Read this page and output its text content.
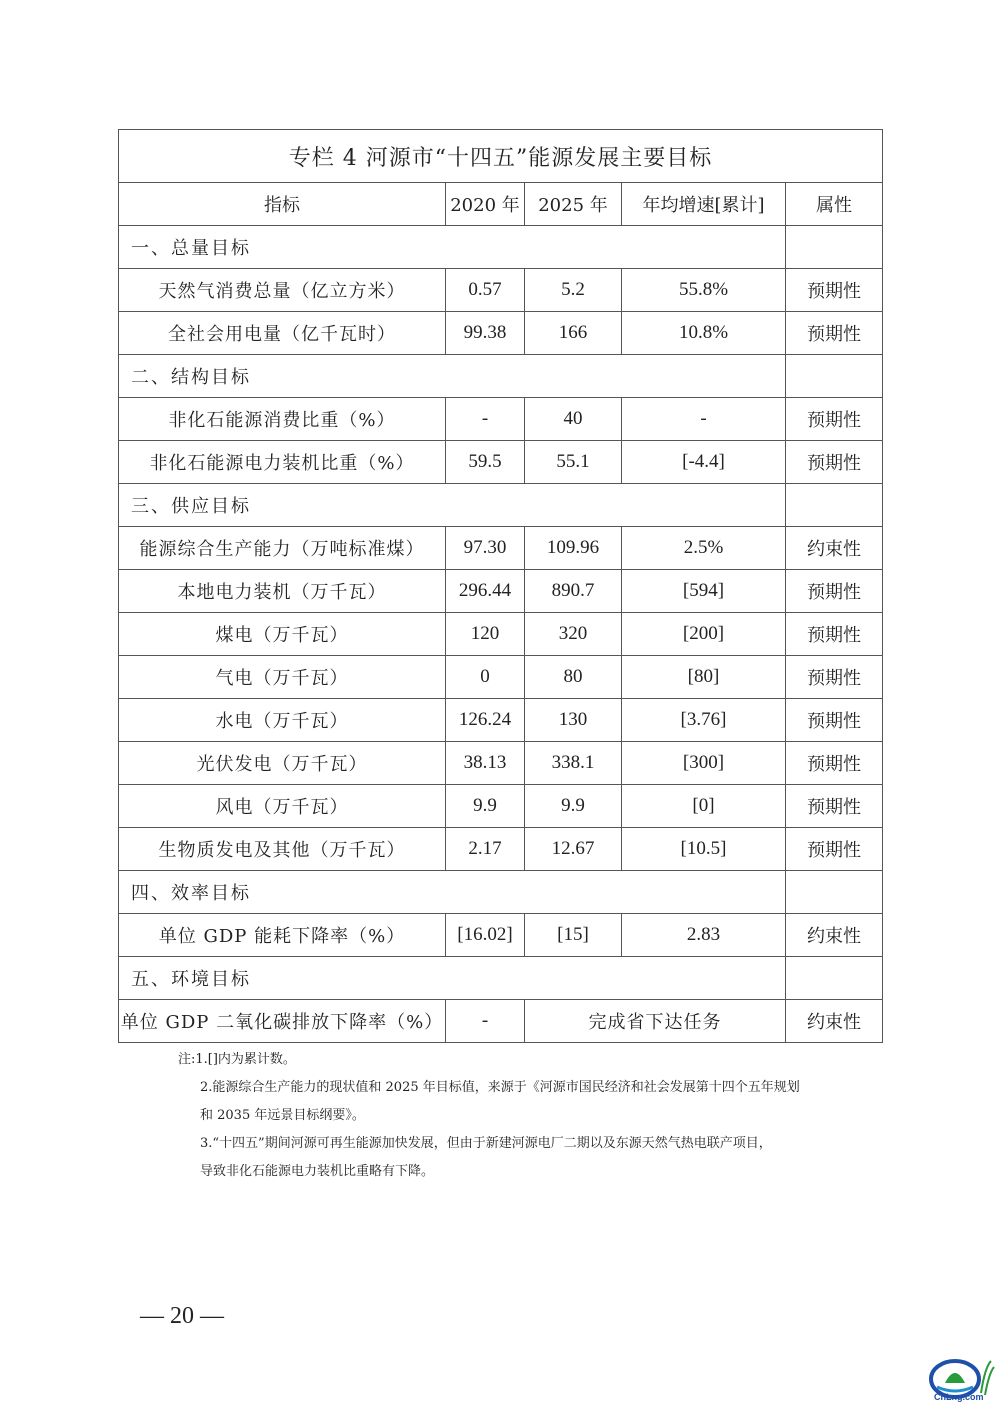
专栏 4 河源市“十四五”能源发展主要目标				
指标	2020 年	2025 年	年均增速[累计]	属性
一、总量目标				
天然气消费总量（亿立方米）	0.57	5.2	55.8%	预期性
全社会用电量（亿千瓦时）	99.38	166	10.8%	预期性
二、结构目标				
非化石能源消费比重（%）	-	40	-	预期性
非化石能源电力装机比重（%）	59.5	55.1	[-4.4]	预期性
三、供应目标				
能源综合生产能力（万吨标准煤）	97.30	109.96	2.5%	约束性
本地电力装机（万千瓦）	296.44	890.7	[594]	预期性
煤电（万千瓦）	120	320	[200]	预期性
气电（万千瓦）	0	80	[80]	预期性
水电（万千瓦）	126.24	130	[3.76]	预期性
光伏发电（万千瓦）	38.13	338.1	[300]	预期性
风电（万千瓦）	9.9	9.9	[0]	预期性
生物质发电及其他（万千瓦）	2.17	12.67	[10.5]	预期性
四、效率目标				
单位 GDP 能耗下降率（%）	[16.02]	[15]	2.83	约束性
五、环境目标				
单位 GDP 二氧化碳排放下降率（%）	-	完成省下达任务		约束性

注:1.[]内为累计数。

2.能源综合生产能力的现状值和 2025 年目标值，来源于《河源市国民经济和社会发展第十四个五年规划

和 2035 年远景目标纲要》。

3.“十四五”期间河源可再生能源加快发展，但由于新建河源电厂二期以及东源天然气热电联产项目，

导致非化石能源电力装机比重略有下降。

— 20 —
CnLng.com
